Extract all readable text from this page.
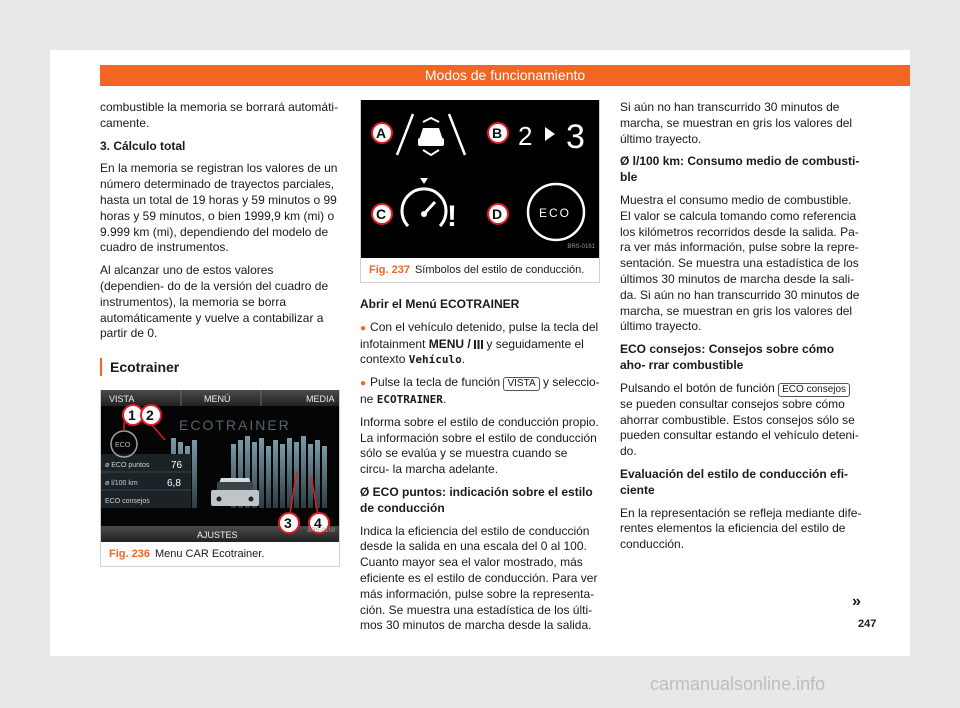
Modos de funcionamiento

combustible la memoria se borrará automáti- camente.

3. Cálculo total

En la memoria se registran los valores de un número determinado de trayectos parciales, hasta un total de 19 horas y 59 minutos o 99 horas y 59 minutos, o bien 1999,9 km (mi) o 9.999 km (mi), dependiendo del modelo de cuadro de instrumentos.

Al alcanzar uno de estos valores (dependien- do de la versión del cuadro de instrumentos), la memoria se borra automáticamente y vuelve a contabilizar a partir de 0.

Ecotrainer
VISTA	MENÚ	MEDIA
ECOTRAINER
ø ECO puntos 76
ø l/100 km	6,8
ECO consejos
AJUSTES
ECO
1 2
3 4
BRS-0169
Fig. 236 Menu CAR Ecotrainer.
A	B 2 3
C !	D	ECO
BRS-0161
Fig. 237 Símbolos del estilo de conducción.

Abrir el Menú ECOTRAINER

● Con el vehículo detenido, pulse la tecla del infotainment MENU / y seguidamente el contexto Vehículo.

● Pulse la tecla de función VISTA y seleccio- ne ECOTRAINER.

Informa sobre el estilo de conducción propio. La información sobre el estilo de conducción sólo se evalúa y se muestra cuando se circu- la marcha adelante.

Ø ECO puntos: indicación sobre el estilo de conducción

Indica la eficiencia del estilo de conducción desde la salida en una escala del 0 al 100. Cuanto mayor sea el valor mostrado, más eficiente es el estilo de conducción. Para ver más información, pulse sobre la representa- ción. Se muestra una estadística de los últi- mos 30 minutos de marcha desde la salida.

Si aún no han transcurrido 30 minutos de marcha, se muestran en gris los valores del último trayecto.

Ø l/100 km: Consumo medio de combusti- ble

Muestra el consumo medio de combustible. El valor se calcula tomando como referencia los kilómetros recorridos desde la salida. Pa- ra ver más información, pulse sobre la repre- sentación. Se muestra una estadística de los últimos 30 minutos de marcha desde la sali- da. Si aún no han transcurrido 30 minutos de marcha, se muestran en gris los valores del último trayecto.

ECO consejos: Consejos sobre cómo aho- rrar combustible

Pulsando el botón de función ECO consejos se pueden consultar consejos sobre cómo ahorrar combustible. Estos consejos sólo se pueden consultar estando el vehículo deteni- do.

Evaluación del estilo de conducción efi- ciente

En la representación se refleja mediante dife- rentes elementos la eficiencia del estilo de conducción.

»
247
carmanualsonline.info
